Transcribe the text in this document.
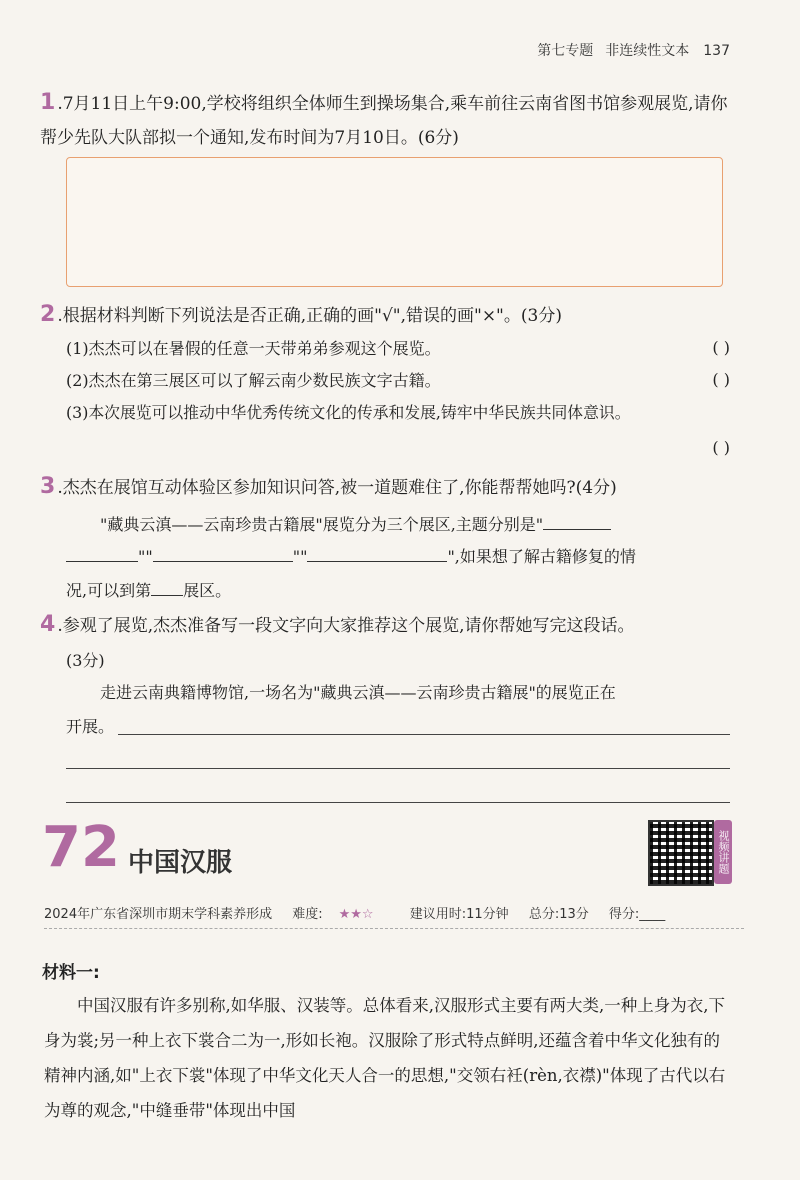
第七专题 非连续性文本 137
1 .7月11日上午9:00,学校将组织全体师生到操场集合,乘车前往云南省图书馆参观展览,请你帮少先队大队部拟一个通知,发布时间为7月10日。(6分)
2 .根据材料判断下列说法是否正确,正确的画"√",错误的画"×"。(3分)
(1)杰杰可以在暑假的任意一天带弟弟参观这个展览。	( )
(2)杰杰在第三展区可以了解云南少数民族文字古籍。	( )
(3)本次展览可以推动中华优秀传统文化的传承和发展,铸牢中华民族共同体意识。
( )
3 .杰杰在展馆互动体验区参加知识问答,被一道题难住了,你能帮帮她吗?(4分)
"藏典云滇——云南珍贵古籍展"展览分为三个展区,主题分别是"
""	""	",如果想了解古籍修复的情
况,可以到第 展区。
4 .参观了展览,杰杰准备写一段文字向大家推荐这个展览,请你帮她写完这段话。
(3分)
走进云南典籍博物馆,一场名为"藏典云滇——云南珍贵古籍展"的展览正在
开展。
72 中国汉服	视频讲题
2024年广东省深圳市期末学科素养形成 难度: ★★☆	建议用时:11分钟 总分:13分 得分:____
材料一:
中国汉服有许多别称,如华服、汉装等。总体看来,汉服形式主要有两大类,一种上身为衣,下身为裳;另一种上衣下裳合二为一,形如长袍。汉服除了形式特点鲜明,还蕴含着中华文化独有的精神内涵,如"上衣下裳"体现了中华文化天人合一的思想,"交领右衽(rèn,衣襟)"体现了古代以右为尊的观念,"中缝垂带"体现出中国
